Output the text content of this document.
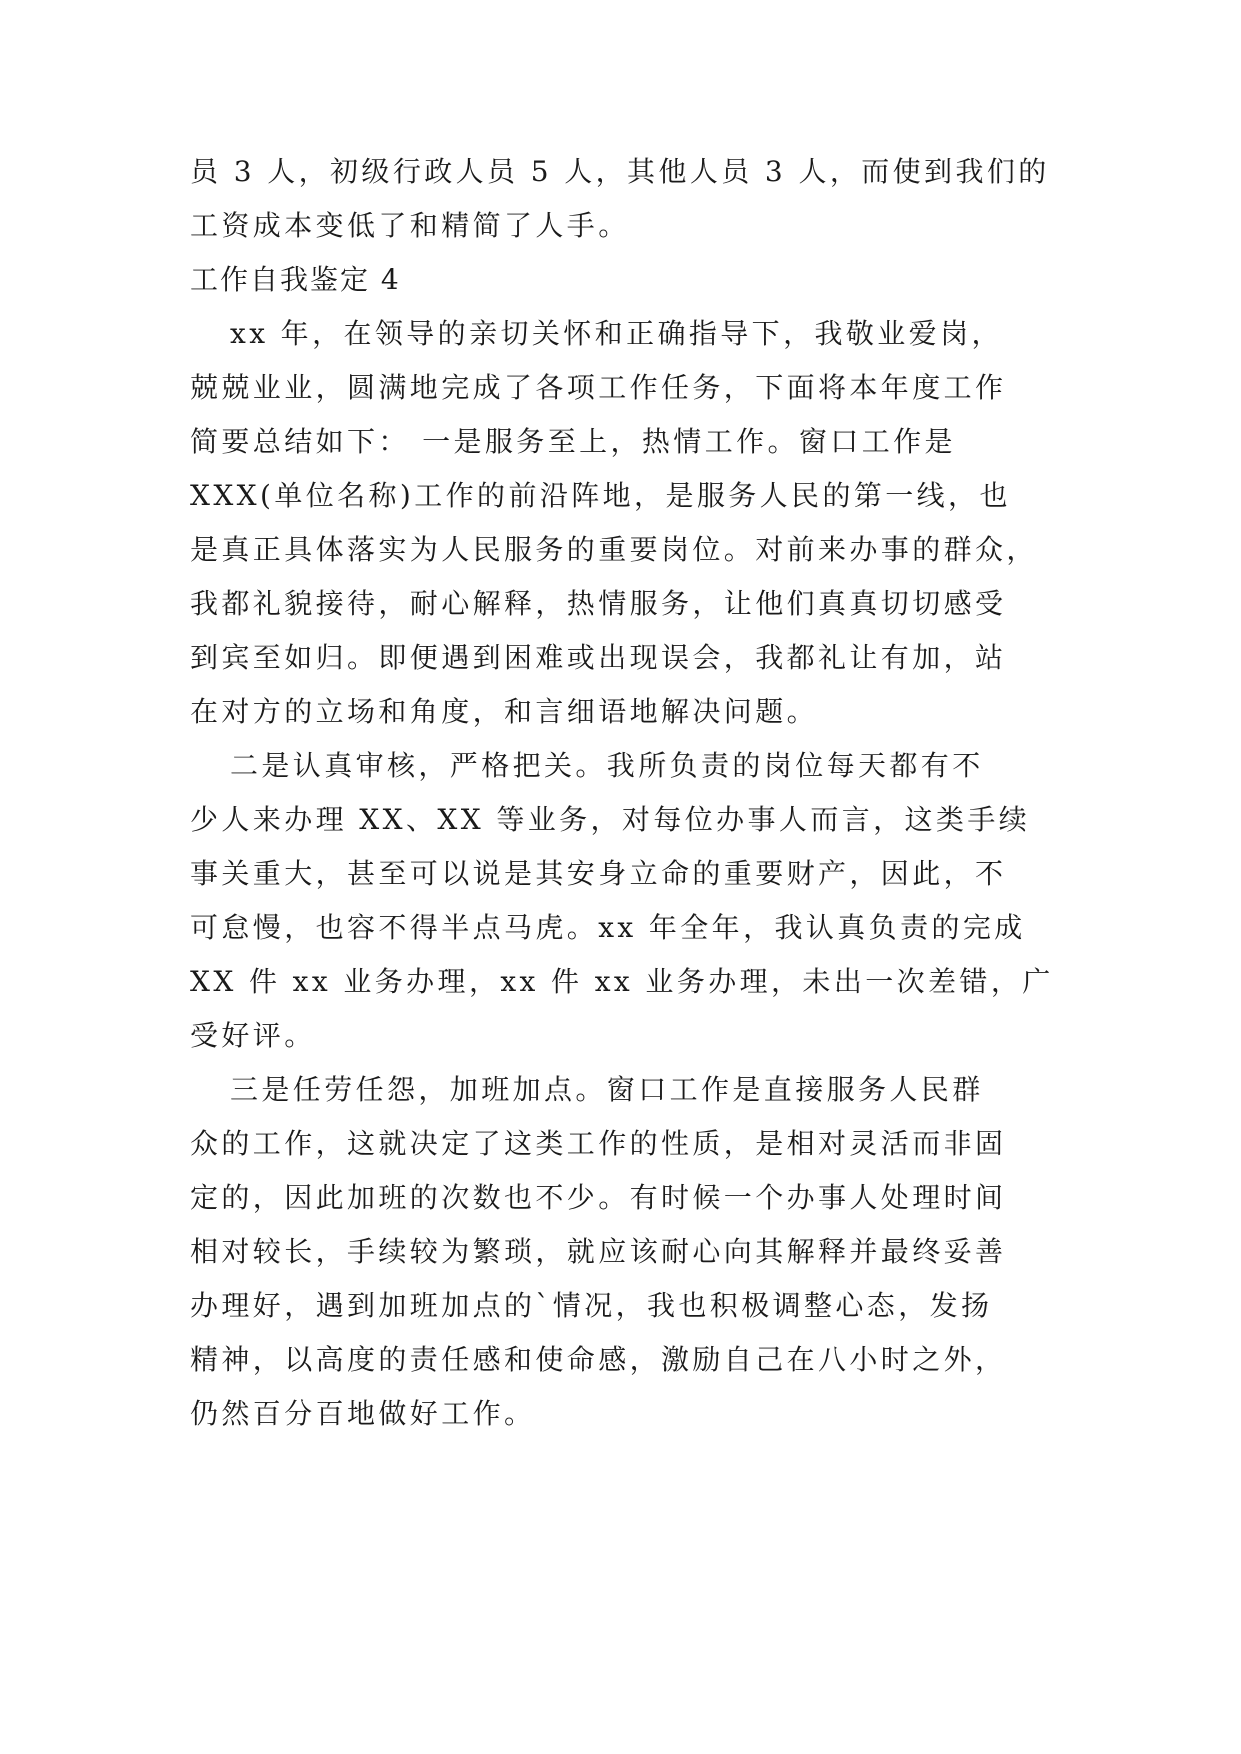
员 3 人，初级行政人员 5 人，其他人员 3 人，而使到我们的
工资成本变低了和精简了人手。
工作自我鉴定 4
xx 年，在领导的亲切关怀和正确指导下，我敬业爱岗，
兢兢业业，圆满地完成了各项工作任务，下面将本年度工作
简要总结如下： 一是服务至上，热情工作。窗口工作是
XXX(单位名称)工作的前沿阵地，是服务人民的第一线，也
是真正具体落实为人民服务的重要岗位。对前来办事的群众，
我都礼貌接待，耐心解释，热情服务，让他们真真切切感受
到宾至如归。即便遇到困难或出现误会，我都礼让有加，站
在对方的立场和角度，和言细语地解决问题。
二是认真审核，严格把关。我所负责的岗位每天都有不
少人来办理 XX、XX 等业务，对每位办事人而言，这类手续
事关重大，甚至可以说是其安身立命的重要财产，因此，不
可怠慢，也容不得半点马虎。xx 年全年，我认真负责的完成
XX 件 xx 业务办理，xx 件 xx 业务办理，未出一次差错，广
受好评。
三是任劳任怨，加班加点。窗口工作是直接服务人民群
众的工作，这就决定了这类工作的性质，是相对灵活而非固
定的，因此加班的次数也不少。有时候一个办事人处理时间
相对较长，手续较为繁琐，就应该耐心向其解释并最终妥善
办理好，遇到加班加点的`情况，我也积极调整心态，发扬
精神，以高度的责任感和使命感，激励自己在八小时之外，
仍然百分百地做好工作。
